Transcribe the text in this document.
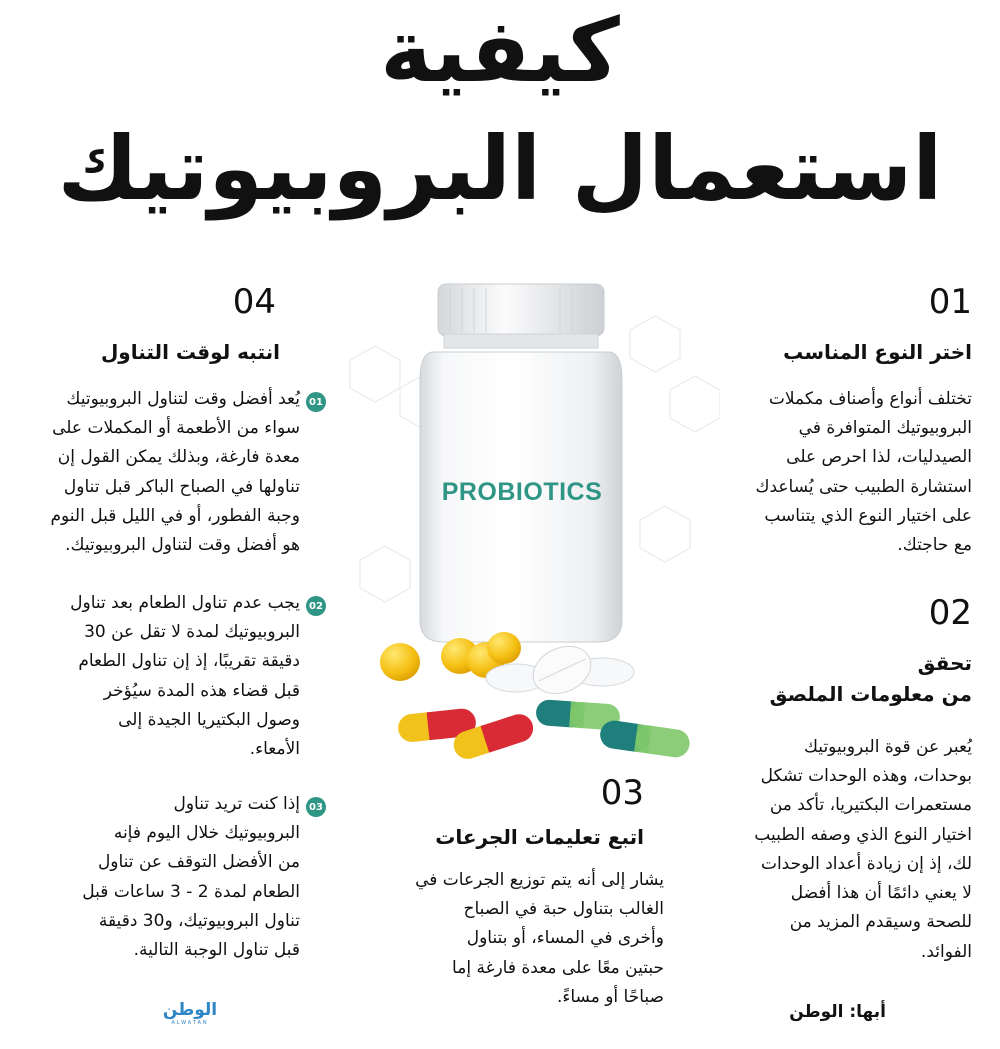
كيفية
استعمال البروبيوتيك
PROBIOTICS
01
اختر النوع المناسب
تختلف أنواع وأصناف مكملات
البروبيوتيك المتوافرة في
الصيدليات، لذا احرص على
استشارة الطبيب حتى يُساعدك
على اختيار النوع الذي يتناسب
مع حاجتك.
02
تحقق
من معلومات الملصق
يُعبر عن قوة البروبيوتيك
بوحدات، وهذه الوحدات تشكل
مستعمرات البكتيريا، تأكد من
اختيار النوع الذي وصفه الطبيب
لك، إذ إن زيادة أعداد الوحدات
لا يعني دائمًا أن هذا أفضل
للصحة وسيقدم المزيد من
الفوائد.
03
اتبع تعليمات الجرعات
يشار إلى أنه يتم توزيع الجرعات في
الغالب بتناول حبة في الصباح
وأخرى في المساء، أو بتناول
حبتين معًا على معدة فارغة إما
صباحًا أو مساءً.
04
انتبه لوقت التناول
01
يُعد أفضل وقت لتناول البروبيوتيك
سواء من الأطعمة أو المكملات على
معدة فارغة، وبذلك يمكن القول إن
تناولها في الصباح الباكر قبل تناول
وجبة الفطور، أو في الليل قبل النوم
هو أفضل وقت لتناول البروبيوتيك.
02
يجب عدم تناول الطعام بعد تناول
البروبيوتيك لمدة لا تقل عن 30
دقيقة تقريبًا، إذ إن تناول الطعام
قبل قضاء هذه المدة سيُؤخر
وصول البكتيريا الجيدة إلى
الأمعاء.
03
إذا كنت تريد تناول
البروبيوتيك خلال اليوم فإنه
من الأفضل التوقف عن تناول
الطعام لمدة 2 - 3 ساعات قبل
تناول البروبيوتيك، و30 دقيقة
قبل تناول الوجبة التالية.
أبها: الوطن
الوطن
ALWATAN
